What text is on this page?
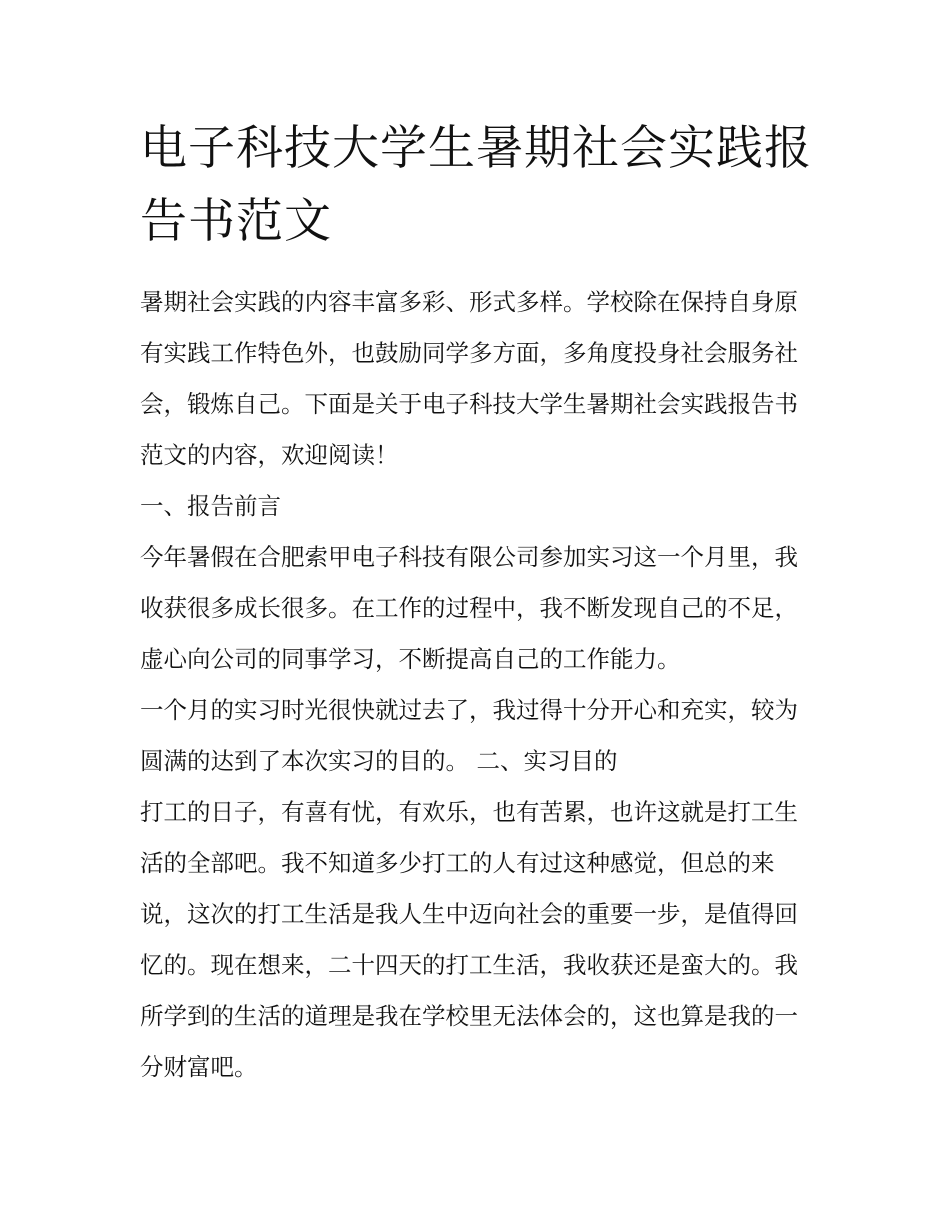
电子科技大学生暑期社会实践报告书范文

暑期社会实践的内容丰富多彩、形式多样。学校除在保持自身原有实践工作特色外，也鼓励同学多方面，多角度投身社会服务社会，锻炼自己。下面是关于电子科技大学生暑期社会实践报告书范文的内容，欢迎阅读！

一、报告前言

今年暑假在合肥索甲电子科技有限公司参加实习这一个月里，我收获很多成长很多。在工作的过程中，我不断发现自己的不足，虚心向公司的同事学习，不断提高自己的工作能力。

一个月的实习时光很快就过去了，我过得十分开心和充实，较为圆满的达到了本次实习的目的。 二、实习目的

打工的日子，有喜有忧，有欢乐，也有苦累，也许这就是打工生活的全部吧。我不知道多少打工的人有过这种感觉，但总的来说，这次的打工生活是我人生中迈向社会的重要一步，是值得回忆的。现在想来，二十四天的打工生活，我收获还是蛮大的。我所学到的生活的道理是我在学校里无法体会的，这也算是我的一分财富吧。
